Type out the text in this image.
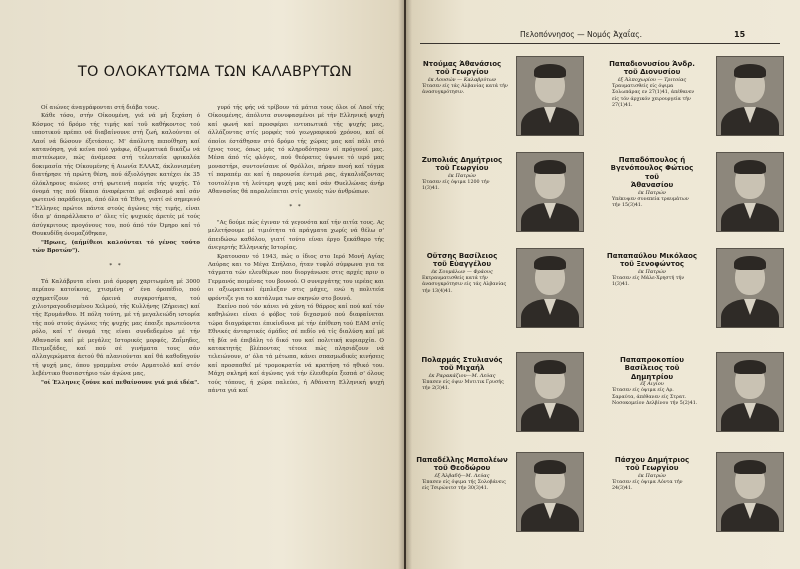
ΤΟ ΟΛΟΚΑΥΤΩΜΑ ΤΩΝ ΚΑΛΑΒΡΥΤΩΝ

Οί αιώνες άναγράφονται στή διάβα τους.

Κάθε τόσο, στήν Οίκουμένη, γιά νά μή ξεχάση ό Κόσμος τό δρόμο τής τιμής καί τοῦ καθήκοντος τού ιπποτικού πρέπει νά διαβαίνουνε στή ζωή, καλούνται οί Λαοί νά δώσουν έξετάσεις. Μ' άπόλυτη πεποίθηση καί κατανόηση, γιά κείνα πού γράφω, άξιωματικά δικάζω νά πιστεύωμεν, πώς άνάμεσα στή τελευταία φρικαλέα δοκιμασία τής Οίκουμένης ή Αιωνία ΕΛΛΑΣ, άκλονισμένη διατήρησε τή πρώτη θέση, πού άξιολόγησε κατέχει έκ 35 όλόκληρους αιώνες στή φωτεινή πορεία τής ψυχής. Τό όνομά της πού δίκαια άναφέρεται μέ σεβασμό καί σάν φωτεινό παράδειγμα, άπό όλα τά Έθνη, γιατί σέ σημερινό "Έλληνες πρώτοι πάντα στούς άγώνες τής τιμής, είναι ίδια μ' άπαράλλακτο σ' όλες τίς ψυχικές άρετές μέ τούς άσύγκριτους προγόνους του, πού άπό τόν Όμηρο καί τό Θουκυδίδη όνομαζόθηκαν,

"Ηρωες, (αήμίθεοι καλούνται τό γένος τούτο τών Βροτών").

* *

Τά Καλάβρυτα είναι μιά όμορφη χαριτωμένη μέ 3000 περίπου κατοίκους, χτισμένη σ' ένα όροπέδιο, πού σχηματίζουν τά όρεινά συγκροτήματα, τού χιλιοτραγουδισμένου Χελμού, τής Κυλλήνης (Ζήρειας) καί τής Ερυμάνθου. Η πόλη τούτη, μέ τή μεγαλειώδη ιστορία τής πού στούς άγώνες τής ψυχής μας έπαιξε πρωτεύοντα ρόλο, καί τ' όνομά της είναι συνδεδεμένο μέ τήν Αθανασία καί μέ μεγάλες Ιστορικές μορφές, Ζαΐμηδες, Πετμεζάδες, καί πού σέ γινήματα τους σάν αλλαγερώματα άετού θά πλανιούνται καί θά καθοδηγούν τή ψυχή μας, όπου γραμμένα στόν Αρματολό καί στόν λεβέντικο θυσιαστήριο τών άγώνα μας,

"οί Έλληνες ζούνε καί πεθαίνουνε γιά μιά ιδέα".

γυρό τής φής νά τρίβουν τά μάτια τους όλοι οί Λαοί τής Οίκουμένης, άπόλυτα συνυφασμένοι μέ τήν Ελληνική ψυχή καί φωνή καί προσφέρει εντυπωτικά τής ψυχής μας, άλλάζοντας στίς μορφές τού γεωγραφικού χρόνου, καί οί όποίοι έστάθησαν στό δρόμο τής χώρας μας καί πάλι στό ίχνος τους, όπως μάς τό κληροδότησαν οί πρόγονοί μας. Μέσα άπό τίς φλόγες, πού θεόρατες ύψωνε τό ιερό μας μοναστήρι, συντονίσανε οί Φρόλλοι, πήραν πνοή καί τόγμα τί παραπέμ αε καί ή παρουσία έντιμά ρας, άγκαλιάζοντας τουτολίγια τή λεύτερη ψυχή μας καί σάν Θυελλώνας άνήρ Αθανασίας θά παραλείπεται στίς γενεές τών άνθρώπων.

* *

"Ας δούμε πώς έγιναν τά γεγονότα καί τήν αιτία τους. Ας μελετήσουμε μέ τιμιότητα τά πράγματα χωρίς νά θέλω σ' άπειδώσω καθόλου, γιατί τούτο είναι έργο ξεκάθαρο τής άνεγερτής Ελληνικής Ιστορίας.

Κρατουσαν τό 1943, πώς ο ίδιος στο Ιερό Μονή Αγίας Λαύρας και το Μέγα Σπήλαιο, ήταν τυφλό σύμφωνα για τα τάγματα τών ελευθέρων που διοργάνωσε στις αρχές πριν ο Γερμανός ποιμένας του βουνού. Ο συνεργάτης του ιερέας και οι αξιωματικοί έμπλεξαν στις μάχες, ενώ η πολιτεία φρόντιζε για το κατάλυμα των σκηνών στο βουνό.

Εκείνο πού τόν κάνει νά χάνη τό θάρρος καί πού καί τόν καθηλώνει είναι ό φόβος τού διχασμού πού διαφαίνεται τώρα διαγράφεται έπικίνδυνα μέ τήν έπίθεση τού ΕΑΜ στίς Εθνικές άνταρτικές όμάδες σέ πεδίο νά τίς διαλύση καί μέ τή βία νά έπιβάλη τό δικό του καί πολιτική κυριαρχία. Ο κατακτητής βλέποντας τέτοια πώς πλησιάζουν νά τελειώνουν, σ' όλα τά μέτωπα, κάνει σπασμωδικές κινήσεις καί προσπαθεί μέ τρομοκρατία νά κρατήση τό ηθικό του. Μάχη σκληρή καί άγώνας γιά τήν έλευθερία ξεσπά σ' όλους τούς τόπους, ή χώρα παλεύει, ή Αθάνατη Ελληνική ψυχή πάντα γιά καί

Πελοπόννησος — Νομός Άχαΐας.	15
Ντούμας Άθανάσιος
τοῦ Γεωργίου
έκ Λουσών — Καλαβρύτων
Έτασεν είς τάς Αλβανίας κατά τήν άνασυγκρότησιν.
Παπαδιονυσίου Άνδρ.
τοῦ Διονυσίου
έξ Άλποχωρίου — Τριτοίας
Τραυματισθείς είς όψιμα Σολωπάρας εν 27(1)41, άπέθανεν είς τόν άρχικόν χειρουργεία τήν 27(1)41.
Ζυπολιάς Δημήτριος
τοῦ Γεωργίου
έκ Πατρών
Έτασεν είς όψιμα 1200 τήν 1(3)41.
Παπαδόπουλος ή Βγενόπουλος Φώτιος τοῦ
Άθανασίου
έκ Πατρών
Υπέκυψεν συνεπεία τραυμάτων τήν 15(3)41.
Οὔτσης Βασίλειος
τοῦ Εὐαγγέλου
έκ Σουμάλων — Φράους
Εκτραυματισθείς κατά τήν άνασυγκρότησιν είς τάς Αλβανίας τήν 13(4)41.
Παπαπαύλου Μικόλαος
τοῦ Ξενοφώντος
έκ Πατρών
Έτασεν είς Μάλε-Χρηστή τήν 1(3)41.
Πολαρμάς Στυλιανός
τοῦ Μιχαήλ
έκ Ραρακάζιου—Μ. Λεύας
Έπασεν είς όψιν Μυτιτικ Γρυσής τήν 2(3)41.
Παπαπροκοπίου Βασίλειος τοῦ Δημητρίου
έξ Αιγίου
Έτασεν είς όψιμα είς Αρ. Σαραύτα, άπέθανεν είς Στρατ. Νοσοκομείον Δελβίνου τήν 5(2)41.
Παπαδέλλης Μαπολέων
τοῦ Θεοδώρου
έξ Άλβαδή—Μ. Λεύας
Έπασεν είς όψιμα τής Σολοβάνεις είς Τσιρώνιτσ τήν 30(3)41.
Πάσχου Δημήτριος
τοῦ Γεωργίου
έκ Πατρών
Έτασεν είς όψιμα Λόντα τήν 24(3)41.
